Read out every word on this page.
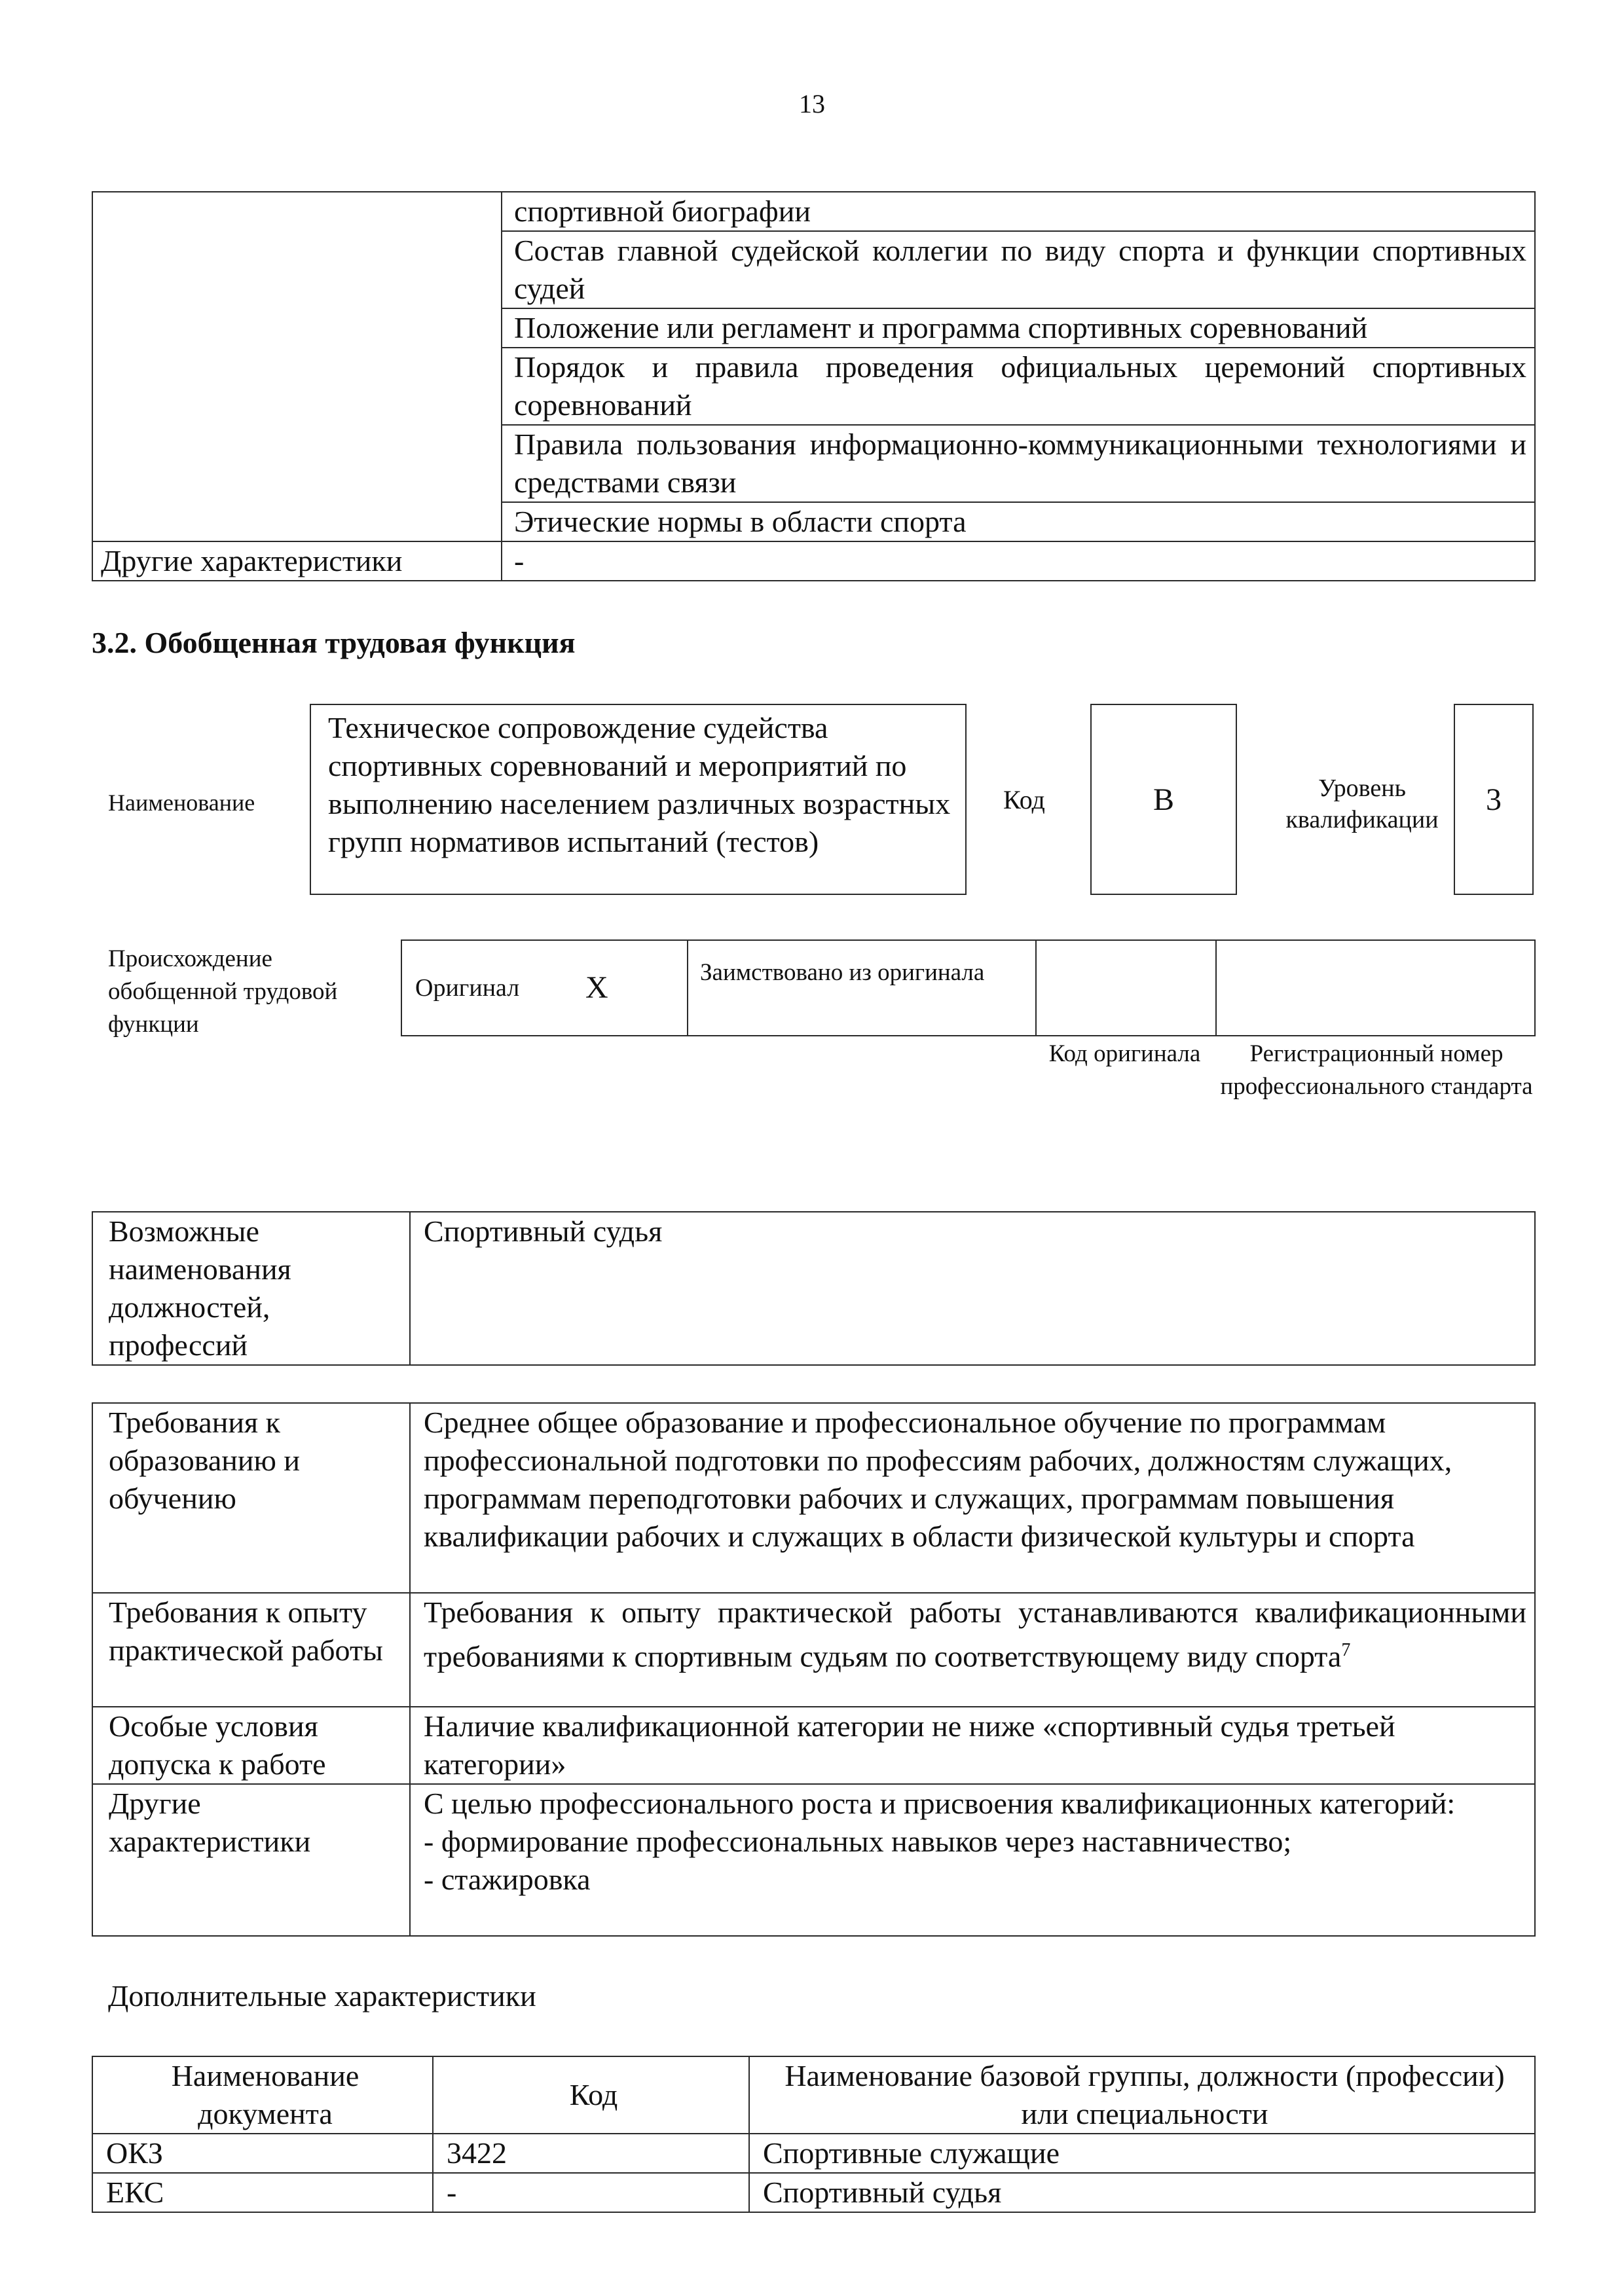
13
	спортивной биографии
	Состав главной судейской коллегии по виду спорта и функции спортивных судей
	Положение или регламент и программа спортивных соревнований
	Порядок и правила проведения официальных церемоний спортивных соревнований
	Правила пользования информационно-коммуникационными технологиями и средствами связи
	Этические нормы в области спорта
Другие характеристики	-
3.2. Обобщенная трудовая функция
Наименование
Техническое сопровождение судейства спортивных соревнований и мероприятий по выполнению населением различных возрастных групп нормативов испытаний (тестов)
Код	B	Уровень квалификации
3
Происхождение обобщенной трудовой функции
Оригинал X	Заимствовано из оригинала
Код оригинала	Регистрационный номер профессионального стандарта
Возможные наименования должностей, профессий	Спортивный судья
Требования к образованию и обучению	Среднее общее образование и профессиональное обучение по программам профессиональной подготовки по профессиям рабочих, должностям служащих, программам переподготовки рабочих и служащих, программам повышения квалификации рабочих и служащих в области физической культуры и спорта
Требования к опыту практической работы	Требования к опыту практической работы устанавливаются квалификационными требованиями к спортивным судьям по соответствующему виду спорта$^7$
Особые условия допуска к работе	Наличие квалификационной категории не ниже «спортивный судья третьей категории»
Другие характеристики	С целью профессионального роста и присвоения квалификационных категорий:
- формирование профессиональных навыков через наставничество;
- стажировка
Дополнительные характеристики
Наименование документа	Код	Наименование базовой группы, должности (профессии) или специальности
ОКЗ	3422	Спортивные служащие
ЕКС	-	Спортивный судья
